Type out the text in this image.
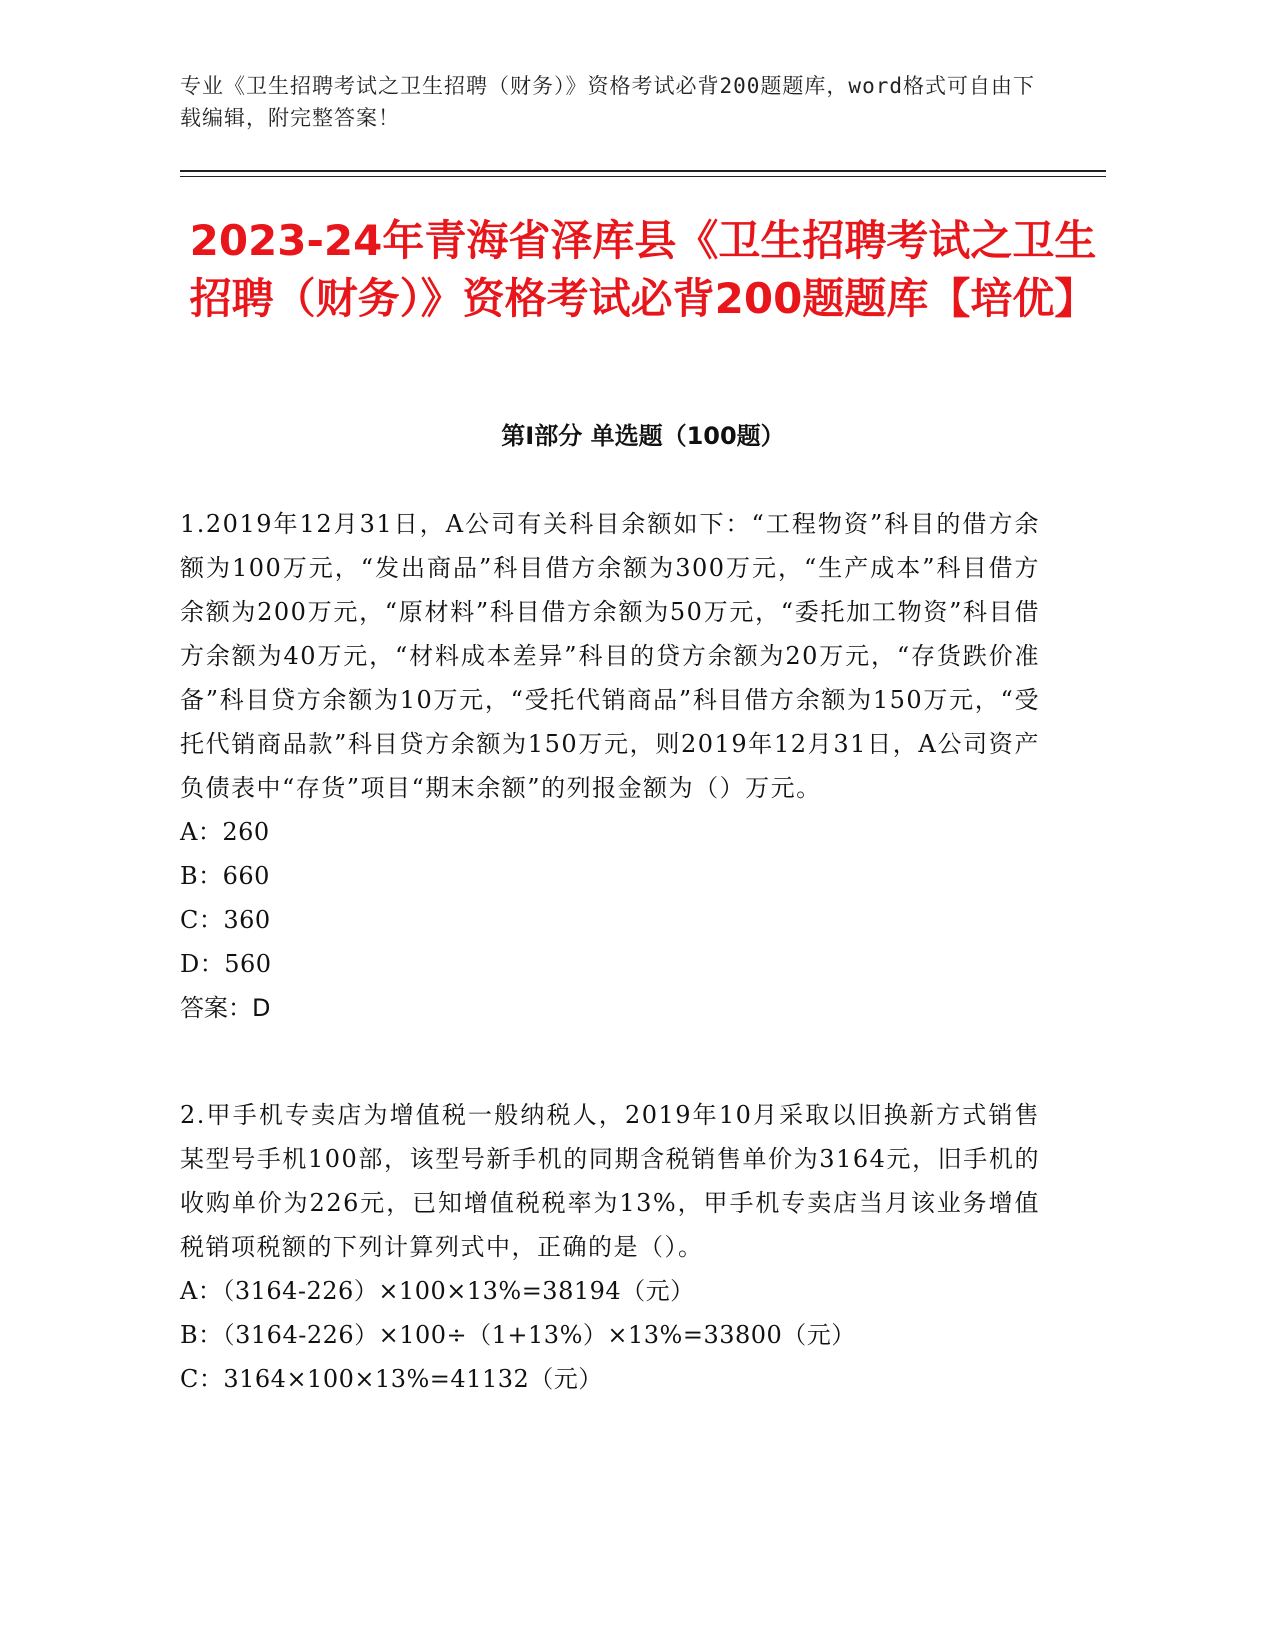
专业《卫生招聘考试之卫生招聘（财务）》资格考试必背200题题库，word格式可自由下载编辑，附完整答案！
2023-24年青海省泽库县《卫生招聘考试之卫生招聘（财务）》资格考试必背200题题库【培优】
第Ⅰ部分 单选题（100题）

1.2019年12月31日，A公司有关科目余额如下：“工程物资”科目的借方余额为100万元，“发出商品”科目借方余额为300万元，“生产成本”科目借方余额为200万元，“原材料”科目借方余额为50万元，“委托加工物资”科目借方余额为40万元，“材料成本差异”科目的贷方余额为20万元，“存货跌价准备”科目贷方余额为10万元，“受托代销商品”科目借方余额为150万元，“受托代销商品款”科目贷方余额为150万元，则2019年12月31日，A公司资产负债表中“存货”项目“期末余额”的列报金额为（）万元。

A：260

B：660

C：360

D：560

答案：D

2.甲手机专卖店为增值税一般纳税人，2019年10月采取以旧换新方式销售某型号手机100部，该型号新手机的同期含税销售单价为3164元，旧手机的收购单价为226元，已知增值税税率为13%，甲手机专卖店当月该业务增值税销项税额的下列计算列式中，正确的是（）。

A：（3164-226）×100×13%=38194（元）

B：（3164-226）×100÷（1+13%）×13%=33800（元）

C：3164×100×13%=41132（元）
